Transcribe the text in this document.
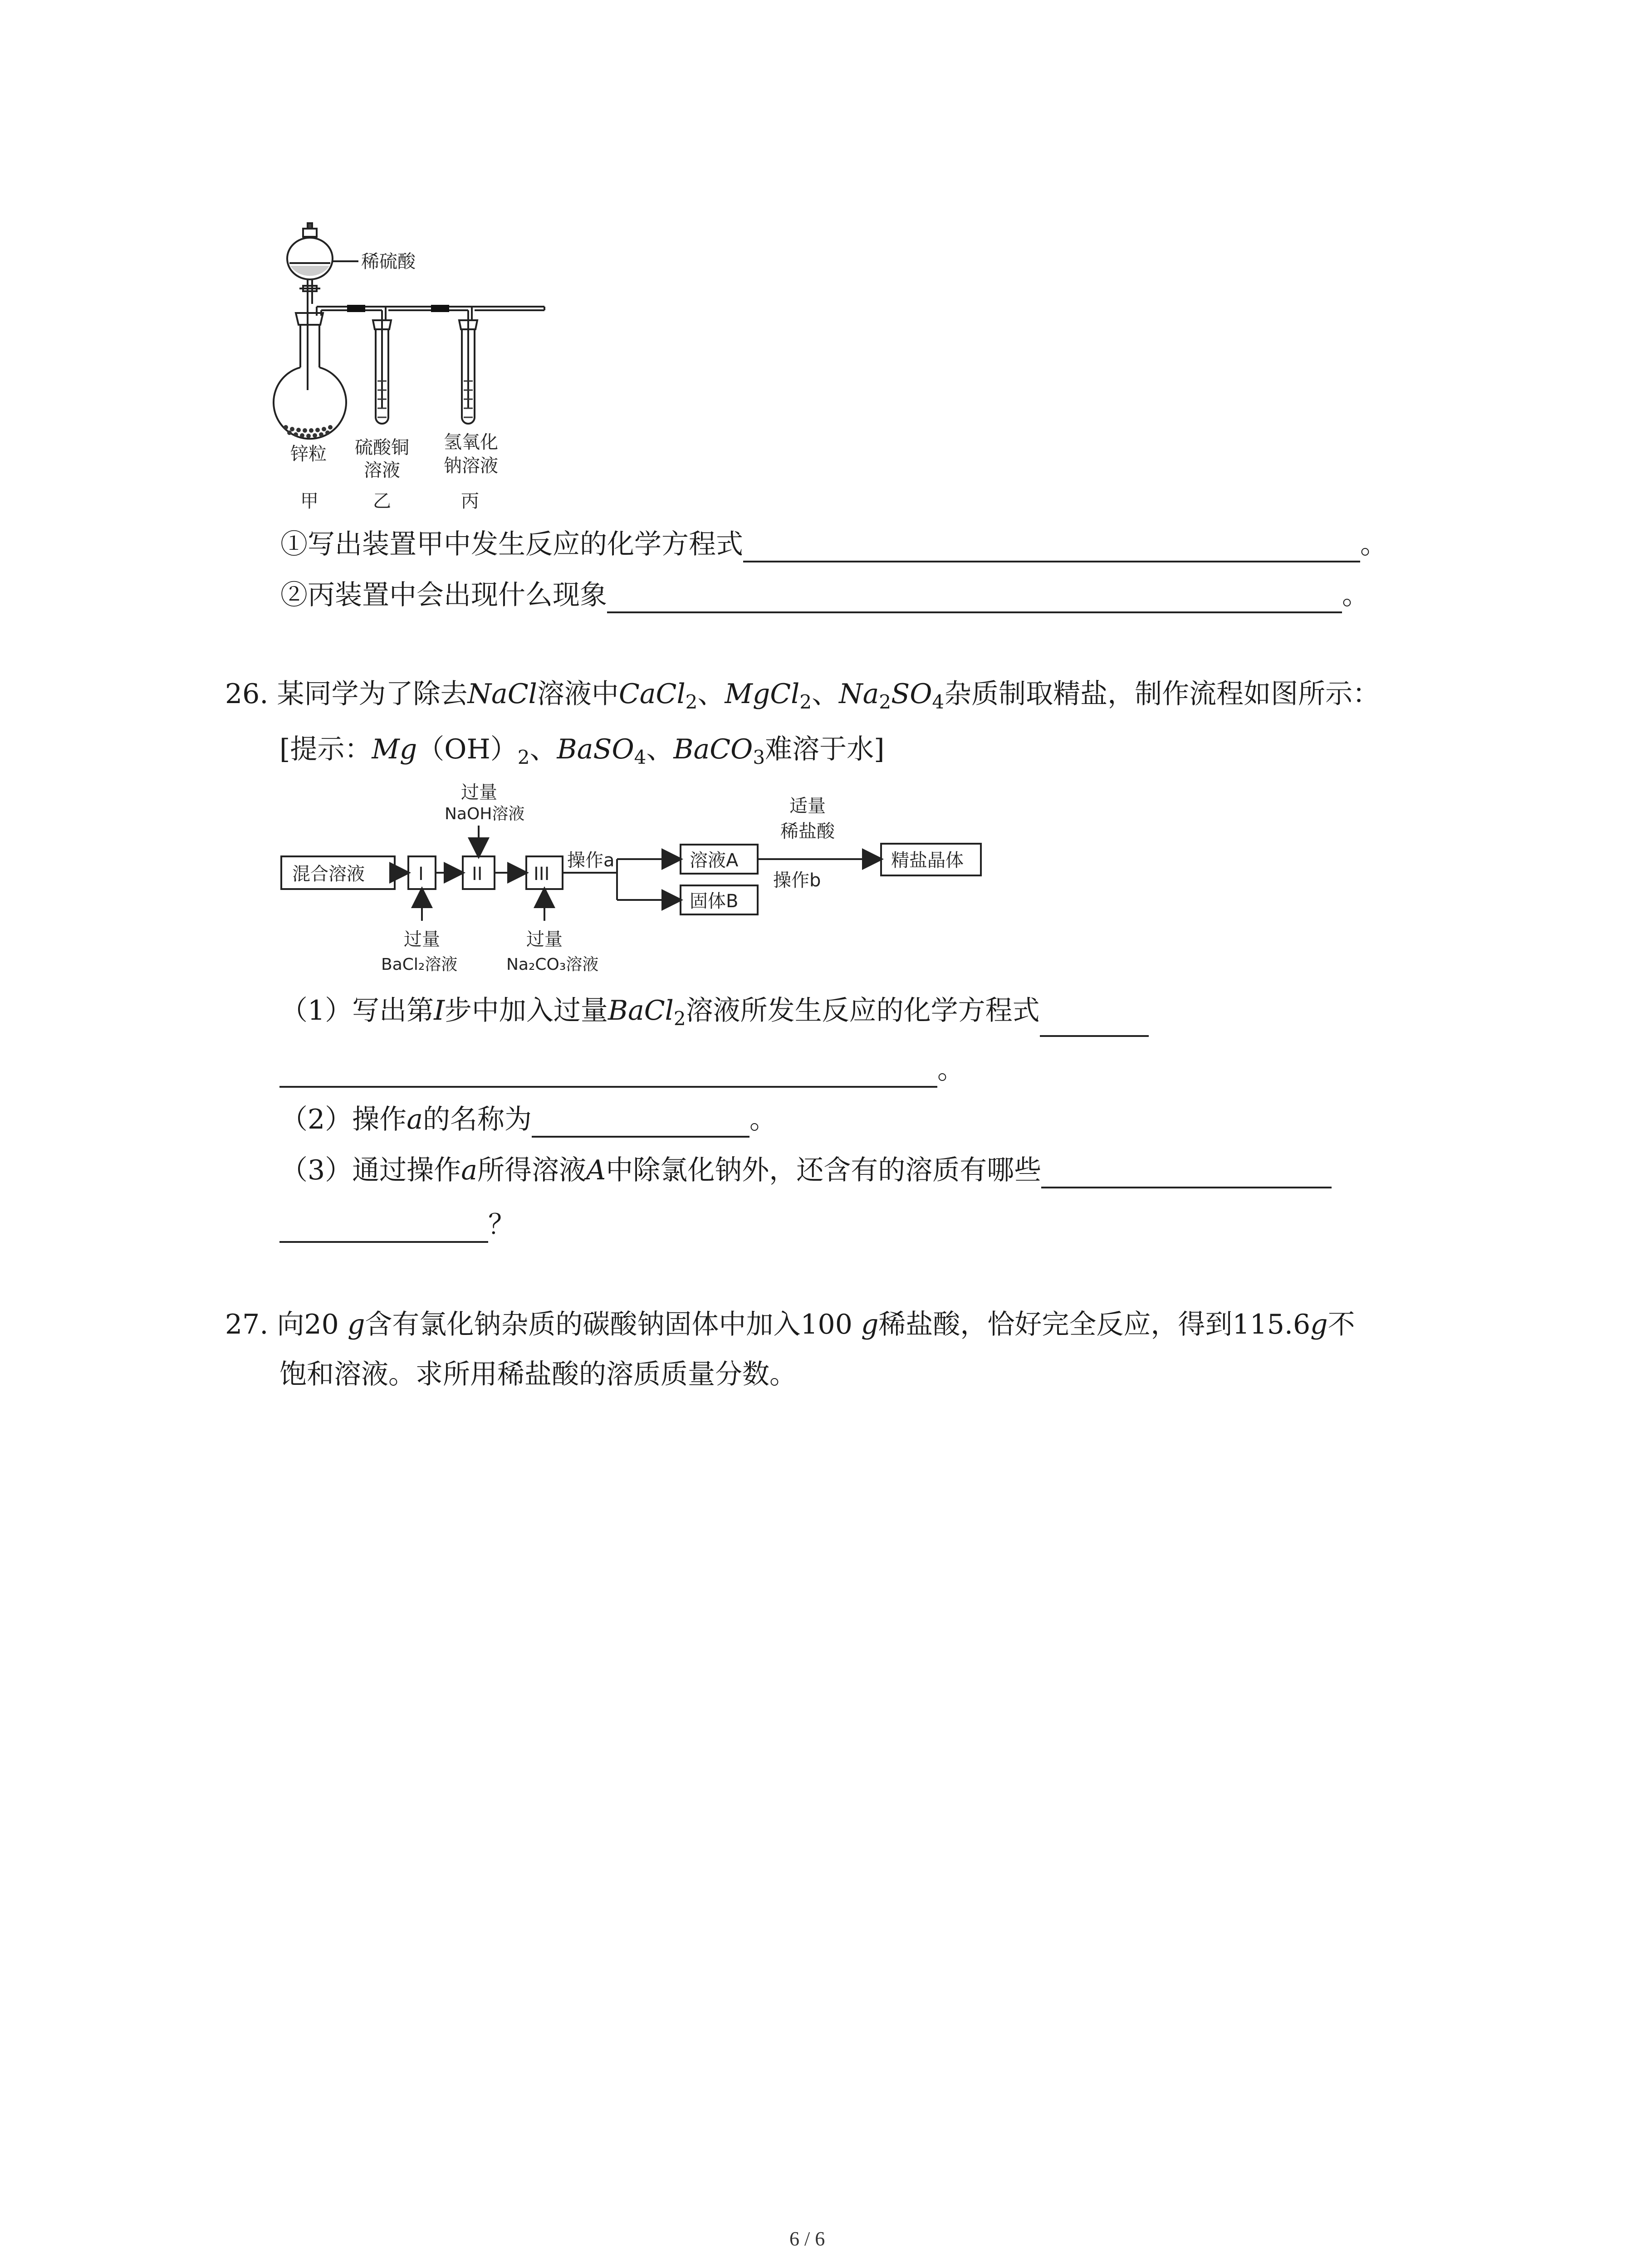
稀硫酸
锌粒 硫酸铜
溶液
氢氧化
钠溶液
甲	乙	丙
①写出装置甲中发生反应的化学方程式	。
②丙装置中会出现什么现象	。
26. 某同学为了除去NaCl溶液中CaCl$_2$、MgCl$_2$、$Na_2SO_4$杂质制取精盐，制作流程如图所示：
[提示：$Mg(OH)_2$、BaSO$_4$、BaCO$_3$难溶于水]
混合溶液	I	II	III
过量
NaOH溶液
过量
BaCl₂溶液
过量
Na₂CO₃溶液
操作a	溶液A
固体B
适量
稀盐酸
操作b
精盐晶体
（1）写出第I步中加入过量BaCl$_2$溶液所发生反应的化学方程式
。
（2）操作a的名称为	。
（3）通过操作a所得溶液A中除氯化钠外，还含有的溶质有哪些
？
27. 向20 g含有氯化钠杂质的碳酸钠固体中加入100 g稀盐酸，恰好完全反应，得到115.6g不
饱和溶液。求所用稀盐酸的溶质质量分数。
6 / 6
